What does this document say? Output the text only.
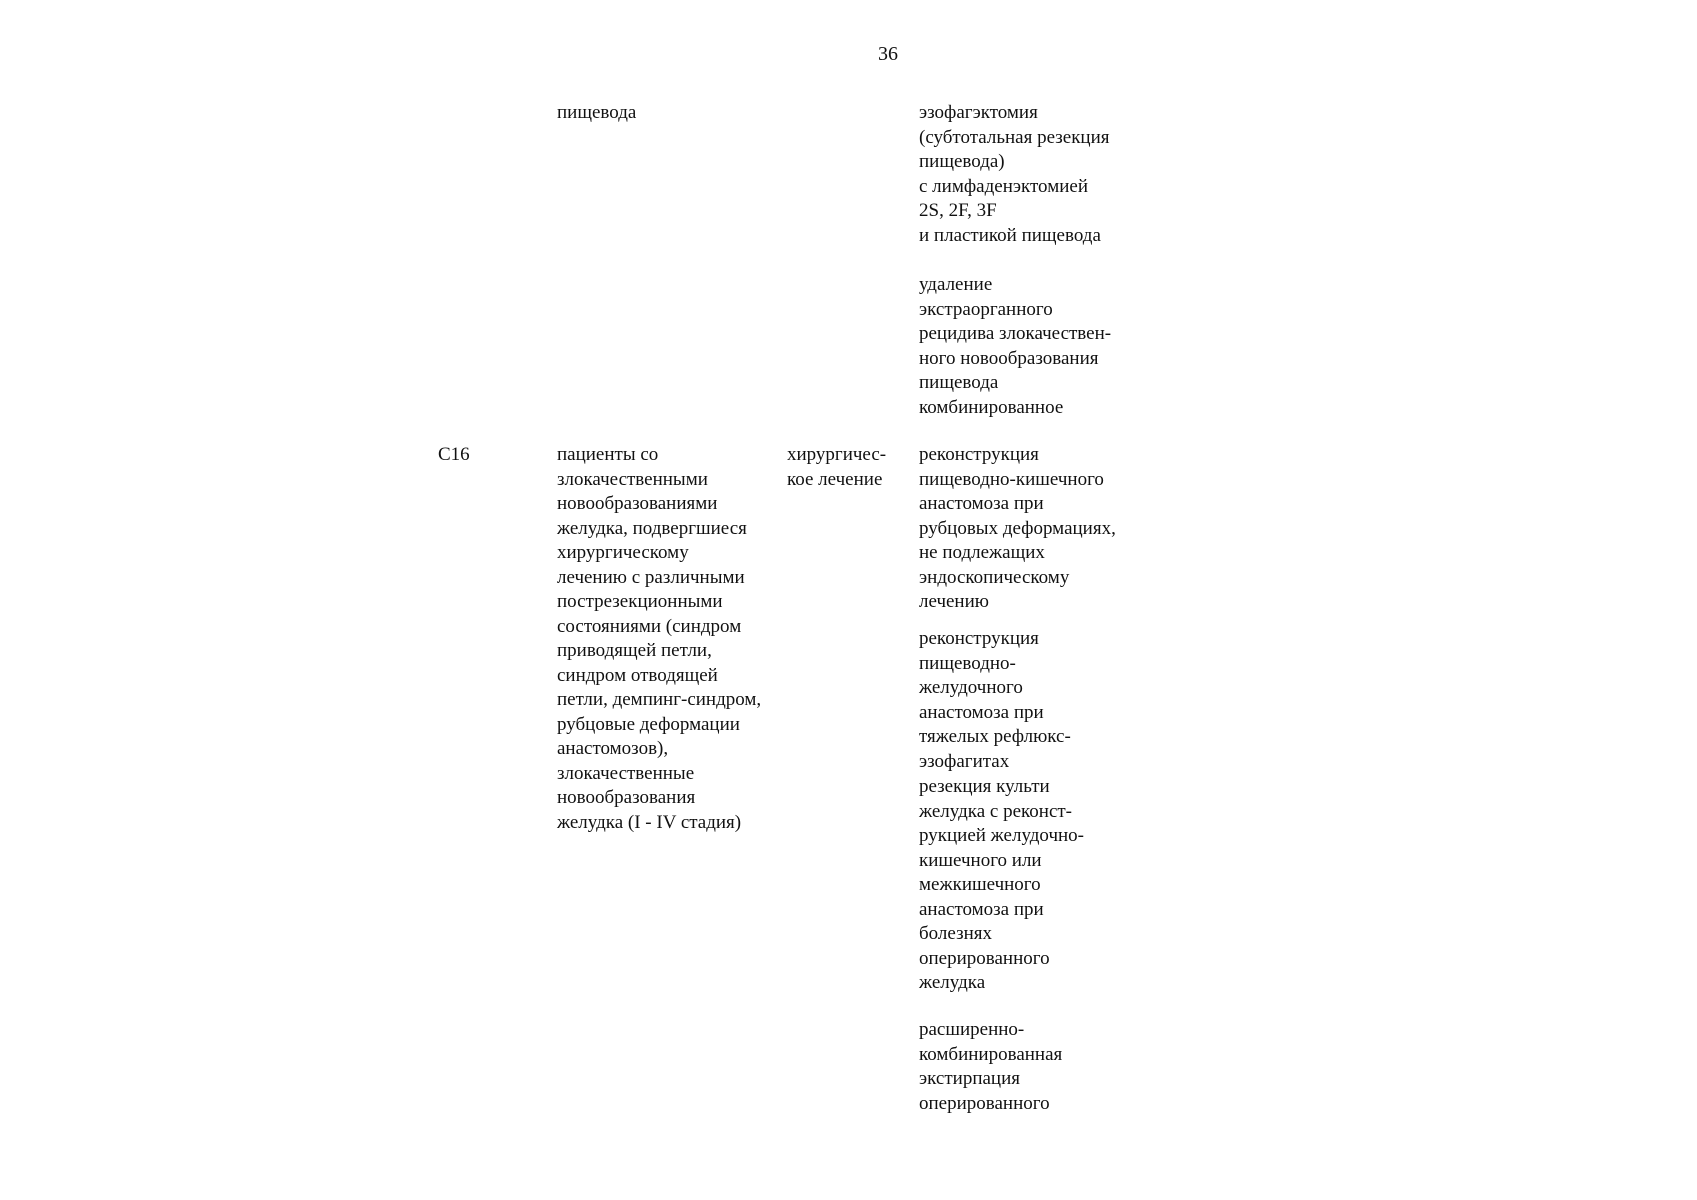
36
пищевода	эзофагэктомия
(субтотальная резекция
пищевода)
с лимфаденэктомией
2S, 2F, 3F
и пластикой пищевода
удаление
экстраорганного
рецидива злокачествен-
ного новообразования
пищевода
комбинированное
C16	пациенты со
злокачественными
новообразованиями
желудка, подвергшиеся
хирургическому
лечению с различными
пострезекционными
состояниями (синдром
приводящей петли,
синдром отводящей
петли, демпинг-синдром,
рубцовые деформации
анастомозов),
злокачественные
новообразования
желудка (I - IV стадия)
хирургичес-
кое лечение
реконструкция
пищеводно-кишечного
анастомоза при
рубцовых деформациях,
не подлежащих
эндоскопическому
лечению
реконструкция
пищеводно-
желудочного
анастомоза при
тяжелых рефлюкс-
эзофагитах
резекция культи
желудка с реконст-
рукцией желудочно-
кишечного или
межкишечного
анастомоза при
болезнях
оперированного
желудка
расширенно-
комбинированная
экстирпация
оперированного
